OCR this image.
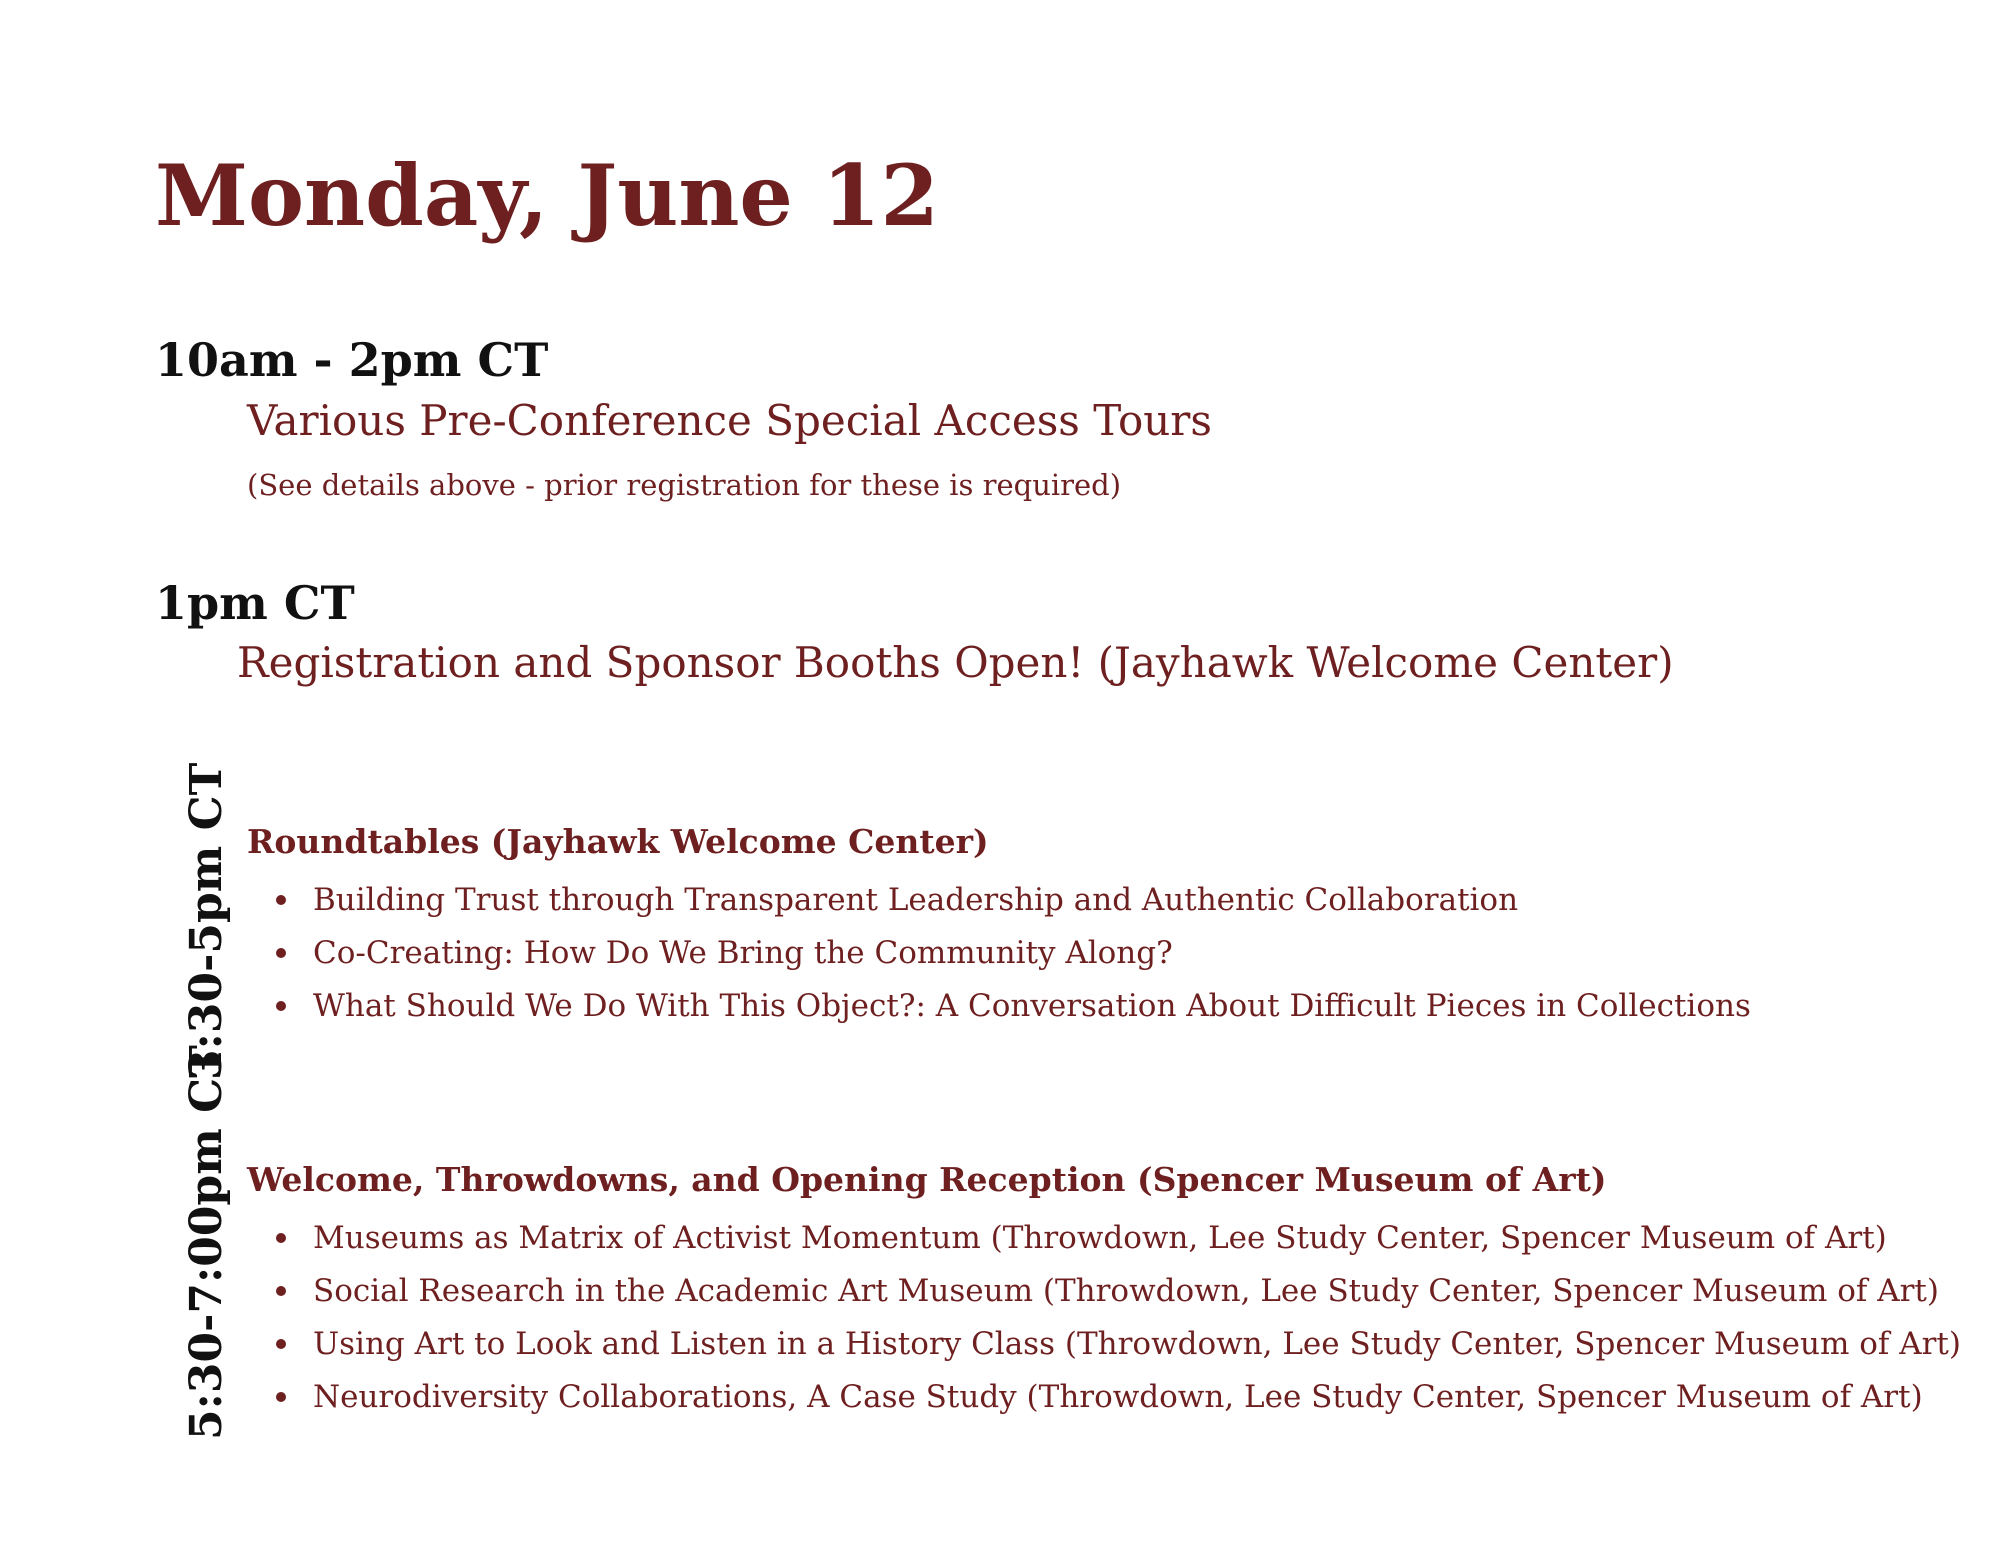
Monday, June 12
10am - 2pm CT
Various Pre-Conference Special Access Tours
(See details above - prior registration for these is required)
1pm CT
Registration and Sponsor Booths Open! (Jayhawk Welcome Center)
3:30-5pm CT Roundtables (Jayhawk Welcome Center)
Building Trust through Transparent Leadership and Authentic Collaboration
Co-Creating: How Do We Bring the Community Along?
What Should We Do With This Object?: A Conversation About Difficult Pieces in Collections
5:30-7:00pm CT Welcome, Throwdowns, and Opening Reception (Spencer Museum of Art)
Museums as Matrix of Activist Momentum (Throwdown, Lee Study Center, Spencer Museum of Art)
Social Research in the Academic Art Museum (Throwdown, Lee Study Center, Spencer Museum of Art)
Using Art to Look and Listen in a History Class (Throwdown, Lee Study Center, Spencer Museum of Art)
Neurodiversity Collaborations, A Case Study (Throwdown, Lee Study Center, Spencer Museum of Art)
